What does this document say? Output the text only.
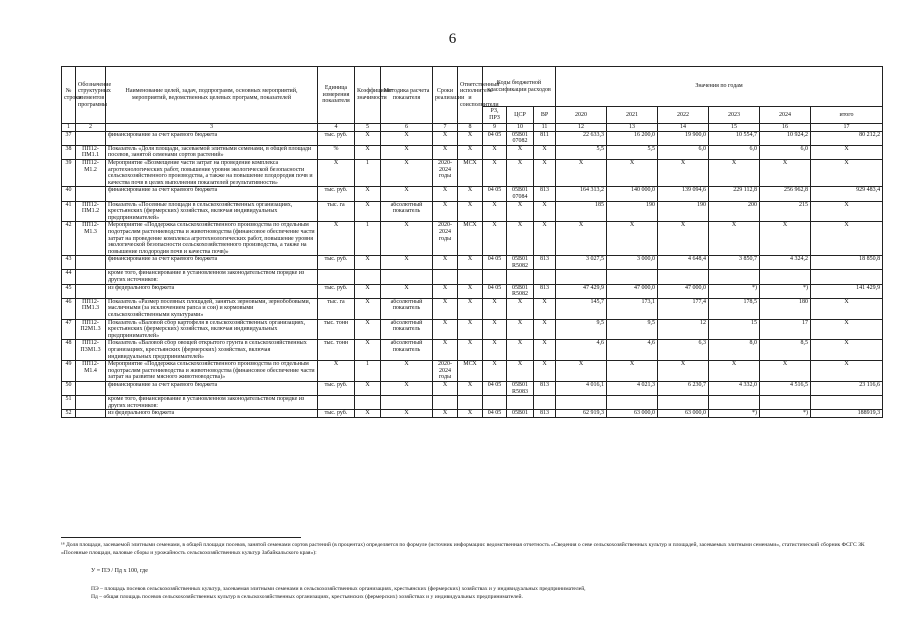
6
№ строки	Обозначение структурных элементов программы	Наименование целей, задач, подпрограмм, основных мероприятий, мероприятий, ведомственных целевых программ, показателей	Единица измерения показателя	Коэффициент значимости	Методика расчета показателя	Сроки реализации	Ответственный исполнитель и соисполнители	Коды бюджетной классификации расходов			Значения по годам					
								РЗ, ПРЗ	ЦСР	ВР	2020	2021	2022	2023	2024	итого
1	2	3	4	5	6	7	8	9	10	11	12	13	14	15	16	17
37		финансирование за счет краевого бюджета	тыс. руб.	X	X	X	X	04 05	05В01 07082	811	22 633,3	16 200,0	19 900,0	10 554,7	10 924,2	80 212,2
38	ПП12-ПМ1.1	Показатель «Доля площади, засеваемой элитными семенами, в общей площади посевов, занятой семенами сортов растений»	%	X	X	X	X	X	X	X	5,5	5,5	6,0	6,0	6,0	X
39	ПП12-М1.2	Мероприятие «Возмещение части затрат на проведение комплекса агротехнологических работ, повышение уровня экологической безопасности сельскохозяйственного производства, а также на повышение плодородия почв и качества почв в целях выполнения показателей результативности»	X	1	X	2020-2024 годы	МСХ	X	X	X	X	X	X	X	X	X
40		финансирование за счет краевого бюджета	тыс. руб.	X	X	X	X	04 05	05В01 07084	813	164 313,2	140 000,0	139 094,6	229 112,8	256 962,8	929 483,4
41	ПП12-ПМ1.2	Показатель «Посевные площади в сельскохозяйственных организациях, крестьянских (фермерских) хозяйствах, включая индивидуальных предпринимателей»	тыс. га	X	абсолютный показатель	X	X	X	X	X	185	190	190	200	215	X
42	ПП12-М1.3	Мероприятие «Поддержка сельскохозяйственного производства по отдельным подотраслям растениеводства и животноводства (финансовое обеспечение части затрат на проведение комплекса агротехнологических работ, повышение уровня экологической безопасности сельскохозяйственного производства, а также на повышение плодородия почв и качества почв)»	X	1	X	2020-2024 годы	МСХ	X	X	X	X	X	X	X	X	X
43		финансирование за счет краевого бюджета	тыс. руб.	X	X	X	X	04 05	05В01 R5082	813	3 027,5	3 000,0	4 648,4	3 850,7	4 324,2	18 850,8
44		кроме того, финансирование в установленном законодательством порядке из других источников:														
45		из федерального бюджета	тыс. руб.	X	X	X	X	04 05	05В01 R5082	813	47 429,9	47 000,0	47 000,0	*)	*)	141 429,9
46	ПП12-ПМ1.3	Показатель «Размер посевных площадей, занятых зерновыми, зернобобовыми, масличными (за исключением рапса и сои) и кормовыми сельскохозяйственными культурами»	тыс. га	X	абсолютный показатель	X	X	X	X	X	145,7	173,1	177,4	178,5	180	X
47	ПП12-П2М1.3	Показатель «Валовой сбор картофеля в сельскохозяйственных организациях, крестьянских (фермерских) хозяйствах, включая индивидуальных предпринимателей»	тыс. тонн	X	абсолютный показатель	X	X	X	X	X	9,5	9,5	12	15	17	X
48	ПП12-П3М1.3	Показатель «Валовой сбор овощей открытого грунта в сельскохозяйственных организациях, крестьянских (фермерских) хозяйствах, включая индивидуальных предпринимателей»	тыс. тонн	X	абсолютный показатель	X	X	X	X	X	4,6	4,6	6,3	8,0	8,5	X
49	ПП12-М1.4	Мероприятие «Поддержка сельскохозяйственного производства по отдельным подотраслям растениеводства и животноводства (финансовое обеспечение части затрат на развитие мясного животноводства)»	X	1	X	2020-2024 годы	МСХ	X	X	X	X	X	X	X	X	X
50		финансирование за счет краевого бюджета	тыс. руб.	X	X	X	X	04 05	05В01 R5083	813	4 016,1	4 021,3	6 230,7	4 332,0	4 516,5	23 116,6
51		кроме того, финансирование в установленном законодательством порядке из других источников:														
52		из федерального бюджета	тыс. руб.	X	X	X	X	04 05	05В01	813	62 919,3	63 000,0	63 000,0	*)	*)	188919,3

¹⁸ Доля площади, засеваемой элитными семенами, в общей площади посевов, занятой семенами сортов растений (в процентах) определяется по формуле (источник информации: ведомственная отчетность «Сведения о севе сельскохозяйственных культур и площадей, засеваемых элитными семенами», статистический сборник ФСГС ЗК «Посевные площади, валовые сборы и урожайность сельскохозяйственных культур Забайкальского края»):

У = ПЭ / Пд х 100, где

ПЭ – площадь посевов сельскохозяйственных культур, засеваемая элитными семенами в сельскохозяйственных организациях, крестьянских (фермерских) хозяйствах и у индивидуальных предпринимателей,

Пд – общая площадь посевов сельскохозяйственных культур в сельскохозяйственных организациях, крестьянских (фермерских) хозяйствах и у индивидуальных предпринимателей.
